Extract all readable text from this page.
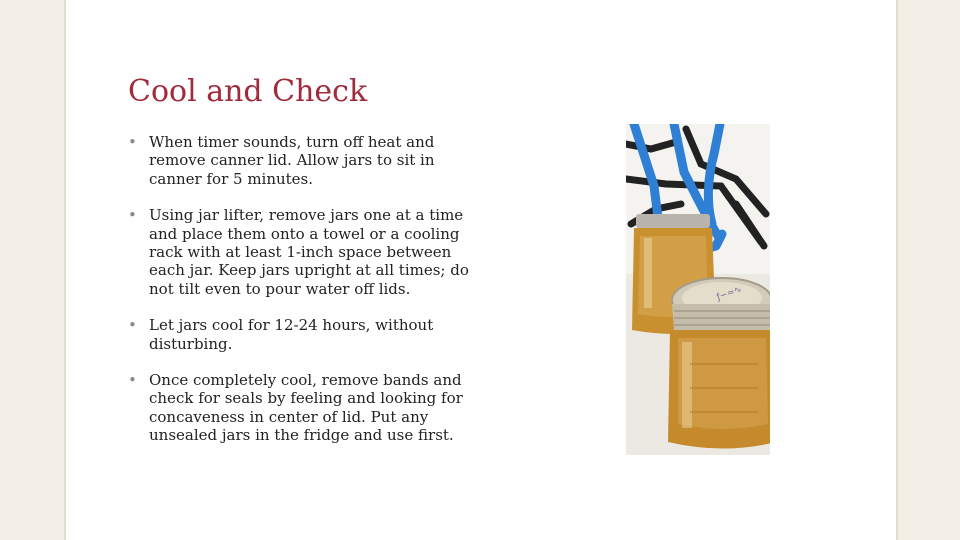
Cool and Check
• When timer sounds, turn off heat and remove canner lid. Allow jars to sit in canner for 5 minutes.
• Using jar lifter, remove jars one at a time and place them onto a towel or a cooling rack with at least 1-inch space between each jar. Keep jars upright at all times; do not tilt even to pour water off lids.
• Let jars cool for 12-24 hours, without disturbing.
• Once completely cool, remove bands and check for seals by feeling and looking for concaveness in center of lid. Put any unsealed jars in the fridge and use first.
ƒ∽≈∿
